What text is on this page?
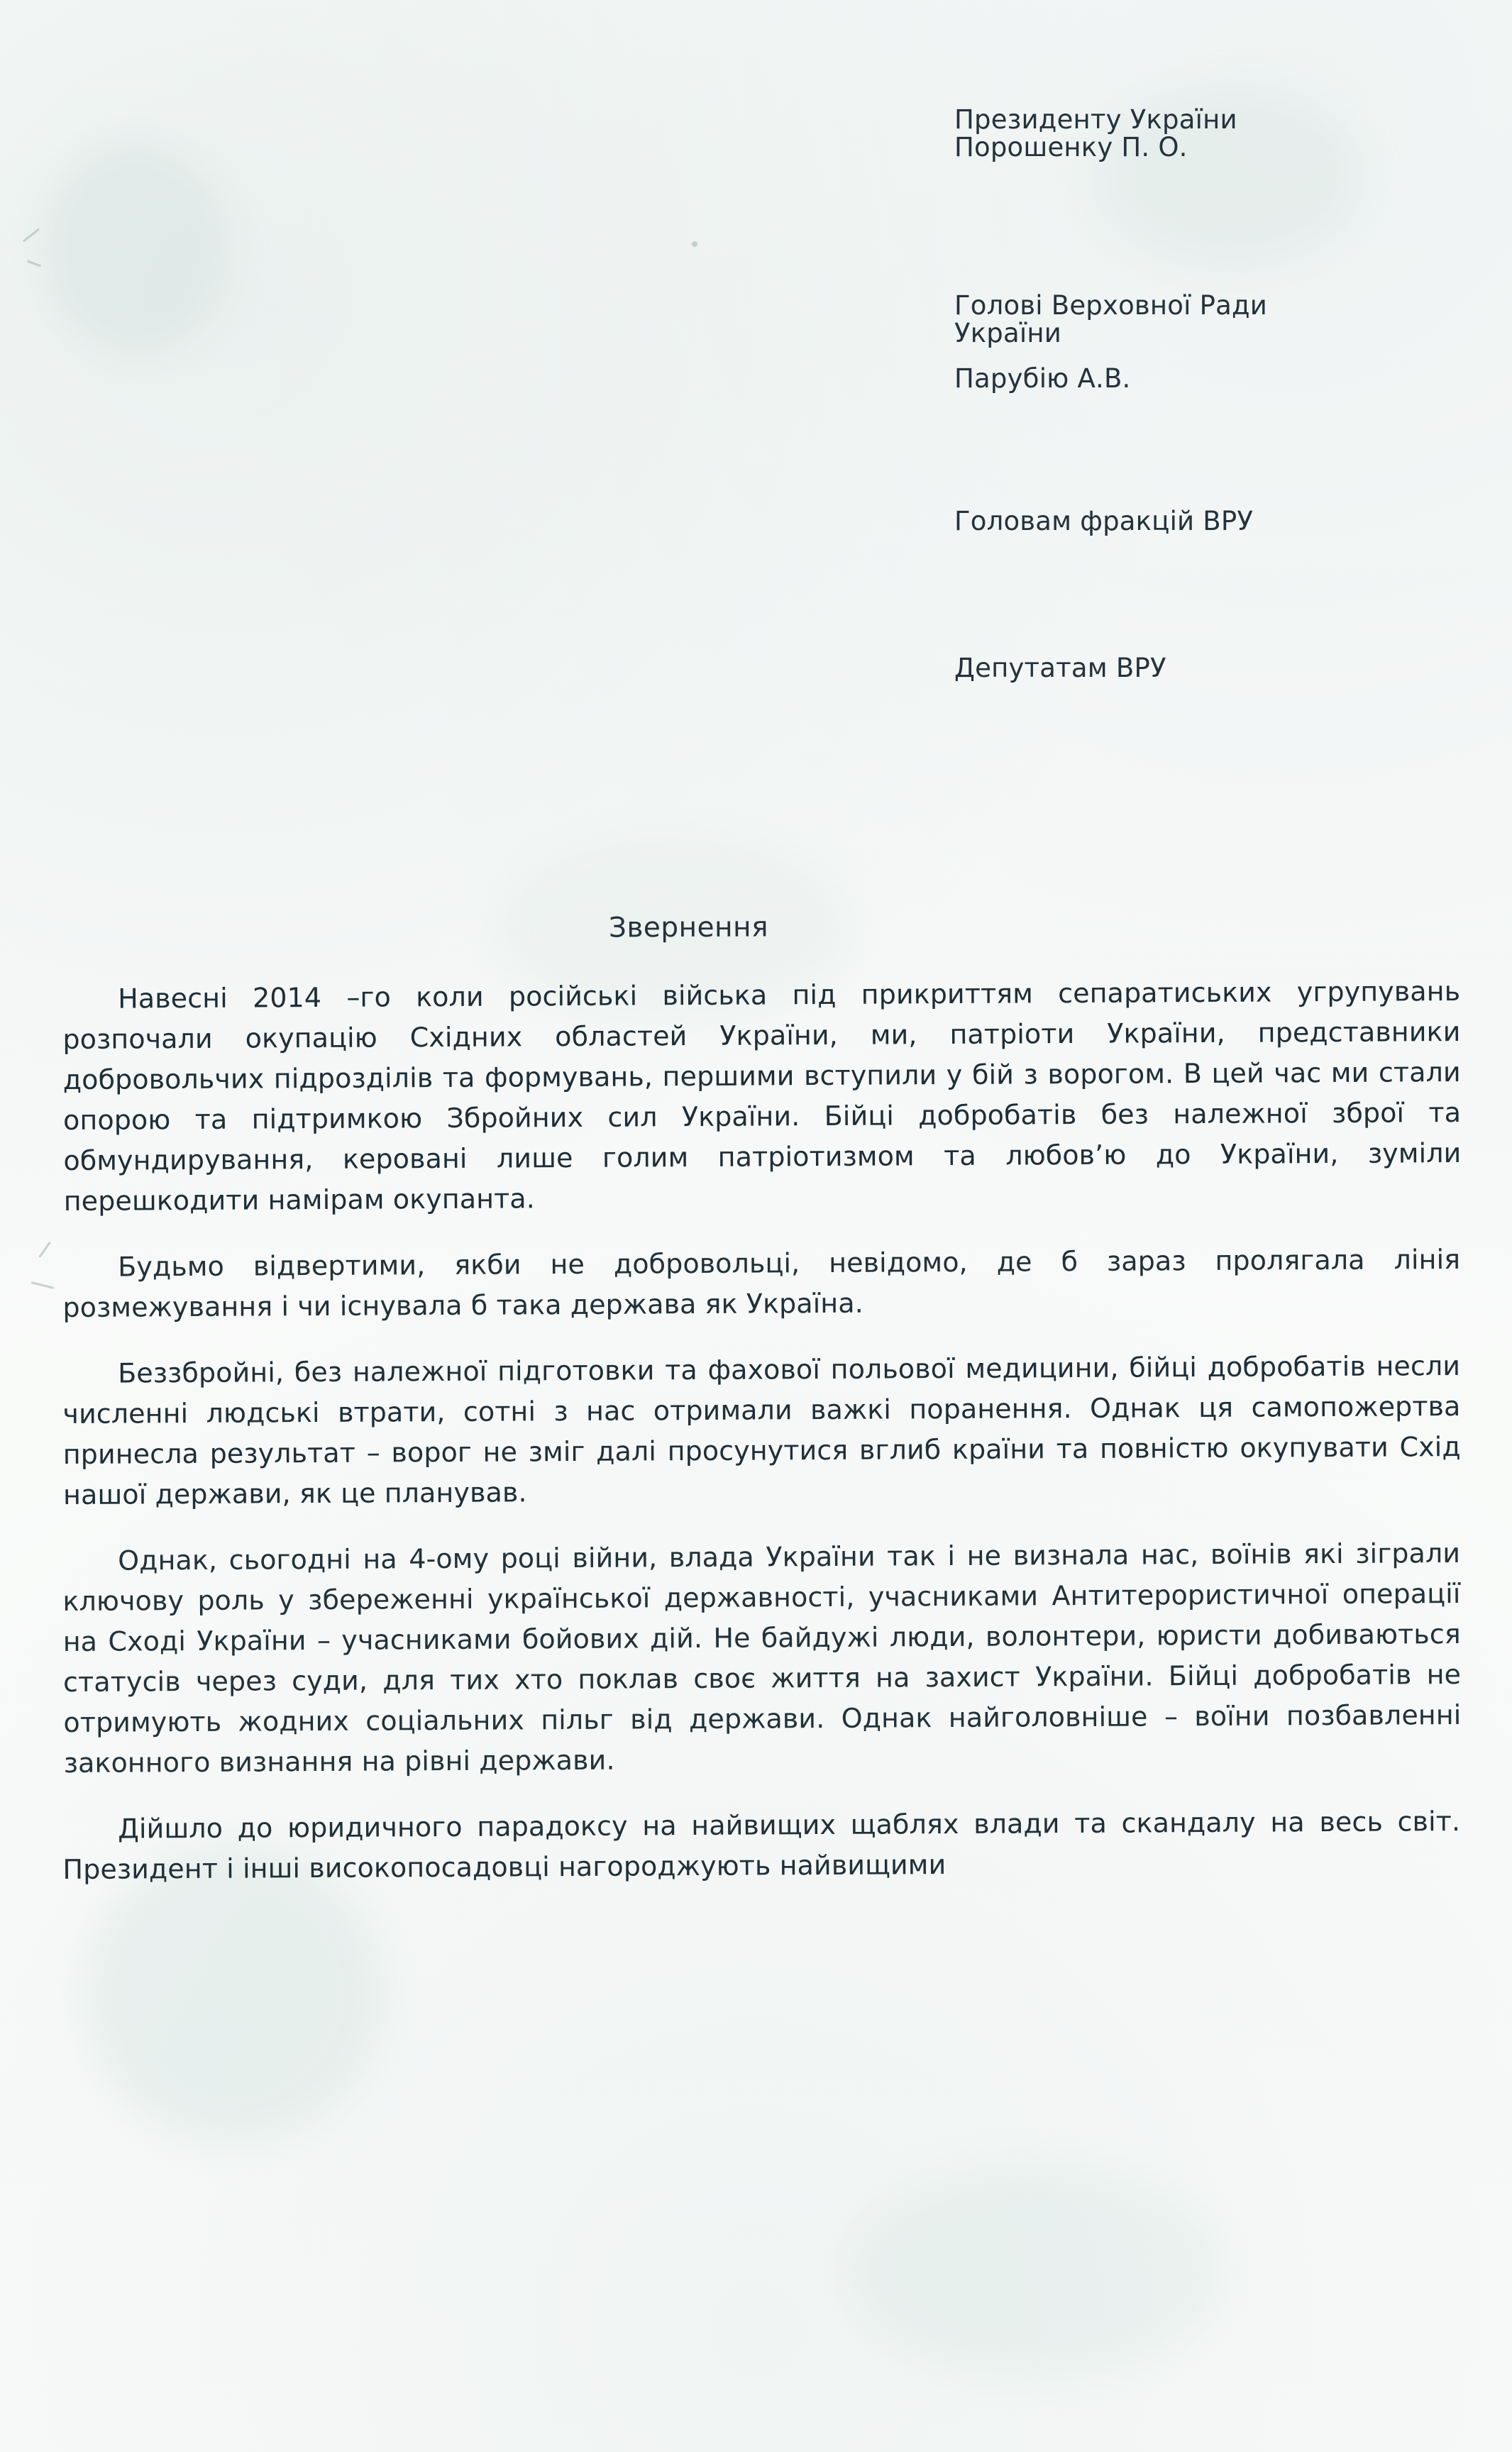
Президенту України

Порошенку П. О.

Голові Верховної Ради

України

Парубію А.В.

Головам фракцій ВРУ

Депутатам ВРУ

Звернення

Навесні 2014 –го коли російські війська під прикриттям сепаратиських угрупувань розпочали окупацію Східних областей України, ми, патріоти України, представники добровольчих підрозділів та формувань, першими вступили у бій з ворогом. В цей час ми стали опорою та підтримкою Збройних сил України. Бійці добробатів без належної зброї та обмундирування, керовані лише голим патріотизмом та любов’ю до України, зуміли перешкодити намірам окупанта.

Будьмо відвертими, якби не добровольці, невідомо, де б зараз пролягала лінія розмежування і чи існувала б така держава як Україна.

Беззбройні, без належної підготовки та фахової польової медицини, бійці добробатів несли численні людські втрати, сотні з нас отримали важкі поранення. Однак ця самопожертва принесла результат – ворог не зміг далі просунутися вглиб країни та повністю окупувати Схід нашої держави, як це планував.

Однак, сьогодні на 4-ому році війни, влада України так і не визнала нас, воїнів які зіграли ключову роль у збереженні української державності, учасниками Антитерористичної операції на Сході України – учасниками бойових дій. Не байдужі люди, волонтери, юристи добиваються статусів через суди, для тих хто поклав своє життя на захист України. Бійці добробатів не отримують жодних соціальних пільг від держави. Однак найголовніше – воїни позбавленні законного визнання на рівні держави.

Дійшло до юридичного парадоксу на найвищих щаблях влади та скандалу на весь світ. Президент і інші високопосадовці нагороджують найвищими
